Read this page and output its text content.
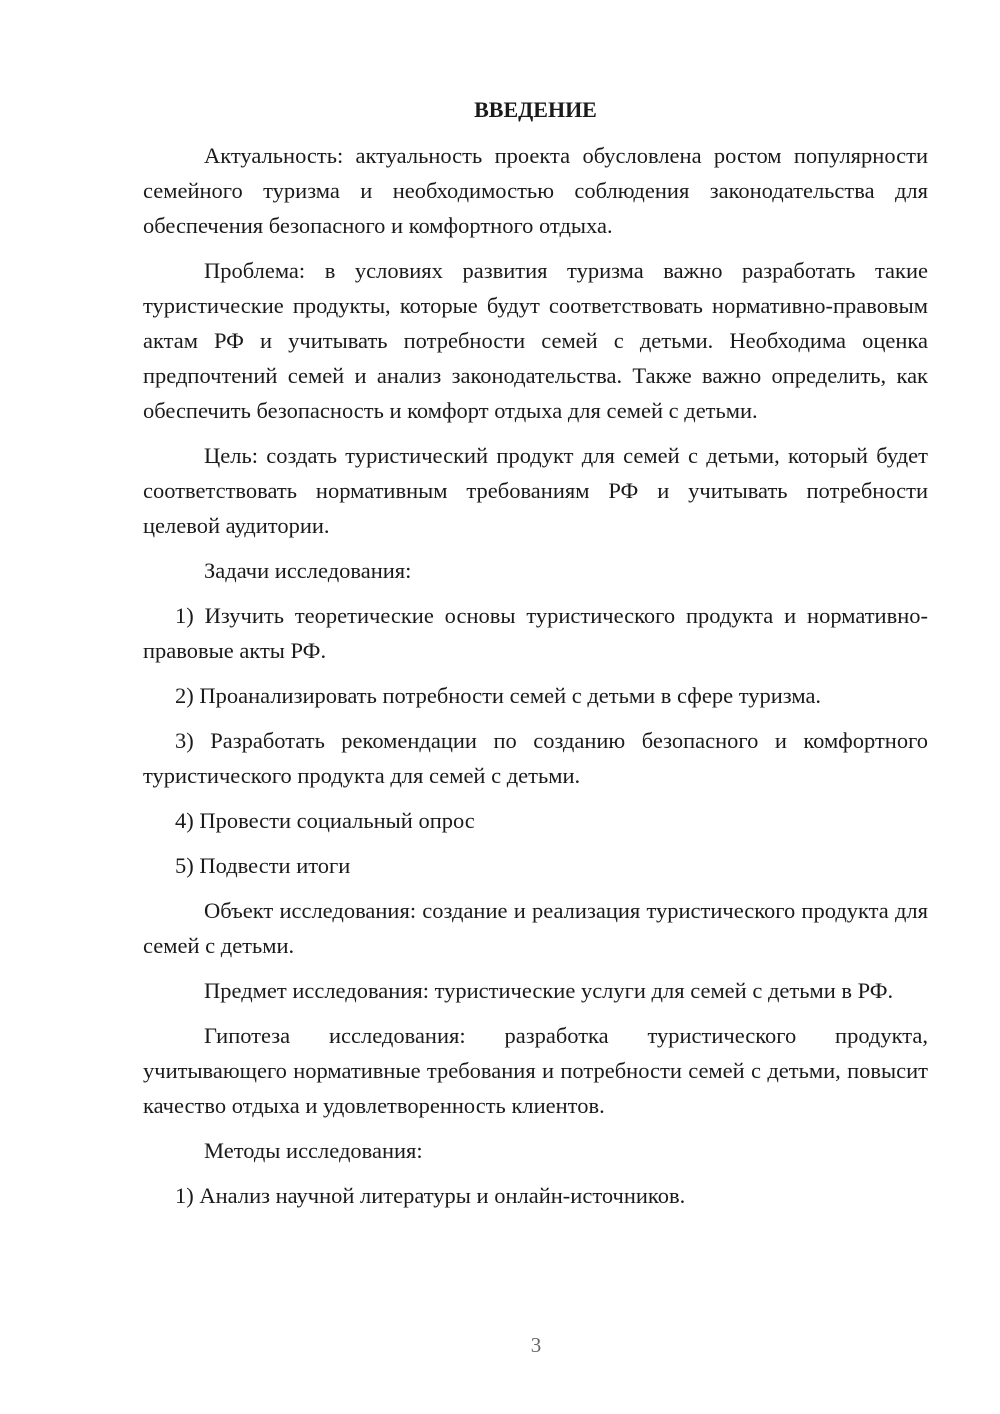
ВВЕДЕНИЕ

Актуальность: актуальность проекта обусловлена ростом популярности семейного туризма и необходимостью соблюдения законодательства для обеспечения безопасного и комфортного отдыха.

Проблема: в условиях развития туризма важно разработать такие туристические продукты, которые будут соответствовать нормативно-правовым актам РФ и учитывать потребности семей с детьми. Необходима оценка предпочтений семей и анализ законодательства. Также важно определить, как обеспечить безопасность и комфорт отдыха для семей с детьми.

Цель: создать туристический продукт для семей с детьми, который будет соответствовать нормативным требованиям РФ и учитывать потребности целевой аудитории.

Задачи исследования:

1) Изучить теоретические основы туристического продукта и нормативно-правовые акты РФ.

2) Проанализировать потребности семей с детьми в сфере туризма.

3) Разработать рекомендации по созданию безопасного и комфортного туристического продукта для семей с детьми.

4) Провести социальный опрос

5) Подвести итоги

Объект исследования: создание и реализация туристического продукта для семей с детьми.

Предмет исследования: туристические услуги для семей с детьми в РФ.

Гипотеза исследования: разработка туристического продукта, учитывающего нормативные требования и потребности семей с детьми, повысит качество отдыха и удовлетворенность клиентов.

Методы исследования:

1) Анализ научной литературы и онлайн-источников.

3
